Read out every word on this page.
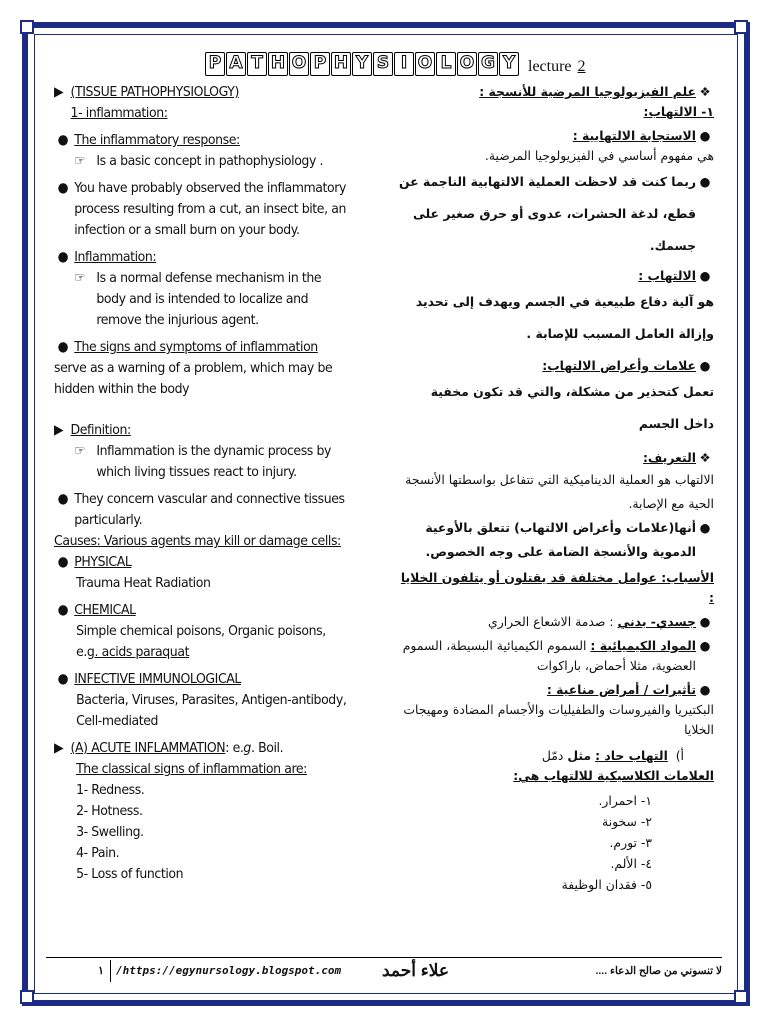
P A T H O P H Y S I O L O G Y lecture 2
▶ (TISSUE PATHOPHYSIOLOGY)
1- inflammation:
● The inflammatory response:
☞ Is a basic concept in pathophysiology .
● You have probably observed the inflammatory process resulting from a cut, an insect bite, an infection or a small burn on your body.
● Inflammation:
☞ Is a normal defense mechanism in the body and is intended to localize and remove the injurious agent.
● The signs and symptoms of inflammation
serve as a warning of a problem, which may be hidden within the body
▶ Definition:
☞ Inflammation is the dynamic process by which living tissues react to injury.
● They concern vascular and connective tissues particularly.
Causes: Various agents may kill or damage cells:
● PHYSICAL
Trauma Heat Radiation
● CHEMICAL
Simple chemical poisons, Organic poisons,
e.g. acids paraquat
● INFECTIVE IMMUNOLOGICAL
Bacteria, Viruses, Parasites, Antigen-antibody, Cell-mediated
▶ (A) ACUTE INFLAMMATION: e.g. Boil.
The classical signs of inflammation are:
1- Redness.
2- Hotness.
3- Swelling.
4- Pain.
5- Loss of function
❖
علم الفيزيولوجيا المرضية للأنسجة :
١- الالتهاب:
●
الاستجابة الالتهابية :
هي مفهوم أساسي في الفيزيولوجيا المرضية.
●
ربما كنت قد لاحظت العملية الالتهابية الناجمة عن قطع، لدغة الحشرات، عدوى أو حرق صغير على جسمك.
●
الالتهاب :
هو آلية دفاع طبيعية في الجسم ويهدف إلى تحديد وإزالة العامل المسبب للإصابة .
●
علامات وأعراض الالتهاب:
تعمل كتحذير من مشكلة، والتي قد تكون مخفية داخل الجسم
❖
التعريف:
الالتهاب هو العملية الديناميكية التي تتفاعل بواسطتها الأنسجة الحية مع الإصابة.
●
أنها(علامات وأعراض الالتهاب) تتعلق بالأوعية الدموية والأنسجة الضامة على وجه الخصوص.
الأسباب: عوامل مختلفة قد يقتلون أو يتلفون الخلايا :
●
جسدي- بدني : صدمة الاشعاع الحراري
●
المواد الكيميائية : السموم الكيميائية البسيطة، السموم العضوية، مثلا أحماض، باراكوات
●
تأثيرات / أمراض مناعية :
البكتيريا والفيروسات والطفيليات والأجسام المضادة ومهيجات الخلايا
أ)  التهاب حاد : مثل دمّل
العلامات الكلاسيكية للالتهاب هي:
١- احمرار.
٢- سخونة
٣- تورم.
٤- الألم.
٥- فقدان الوظيفة
١ /https://egynursology.blogspot.com علاء أحمد	لا تنسوني من صالح الدعاء ....
